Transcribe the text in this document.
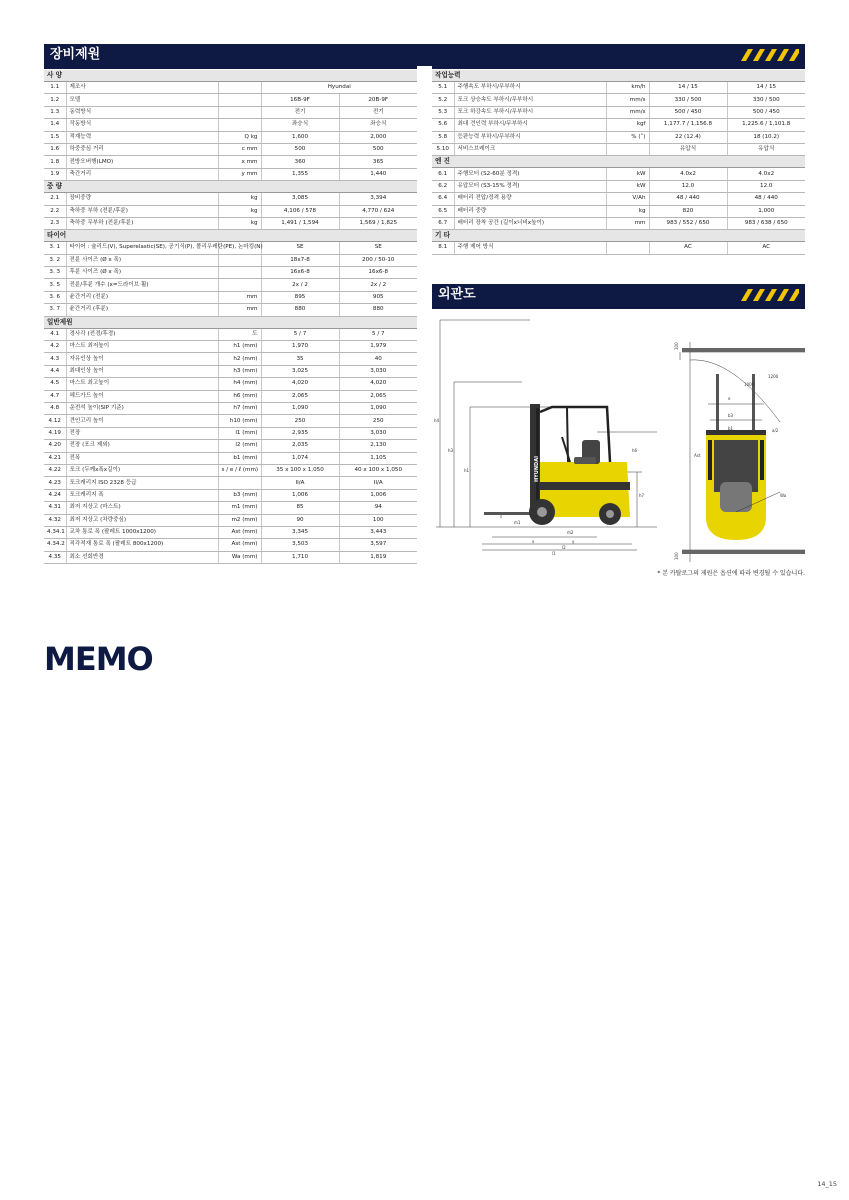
장비제원
사 양				
1.1	제조사		Hyundai	
1.2	모델		16B-9F	20B-9F
1.3	동력방식		전기	전기
1.4	작동방식		좌승식	좌승식
1.5	적재능력	Q kg	1,600	2,000
1.6	하중중심 거리	c mm	500	500
1.8	전방오버행(LMO)	x mm	360	365
1.9	축간거리	y mm	1,355	1,440
중 량				
2.1	장비중량	kg	3,085	3,394
2.2	축하중 부하 (전륜/후륜)	kg	4,106 / 578	4,770 / 624
2.3	축하중 무부하 (전륜/후륜)	kg	1,491 / 1,594	1,569 / 1,825
타이어				
3. 1	타이어 : 슐리드(V), Superelastic(SE), 공기식(P), 폴리우레탄(PE), 논마킹(N)		SE	SE
3. 2	전륜 사이즈 (Ø x 폭)		18x7-8	200 / 50-10
3. 3	후륜 사이즈 (Ø x 폭)		16x6-8	16x6-8
3. 5	전륜/후륜 개수 (x=드라이브 휠)		2x / 2	2x / 2
3. 6	윤간거리 (전륜)	mm	895	905
3. 7	윤간거리 (후륜)	mm	880	880
일반제원				
4.1	경사각 (전경/후경)	도	5 / 7	5 / 7
4.2	마스트 최저높이	h1 (mm)	1,970	1,979
4.3	자유인상 높이	h2 (mm)	35	40
4.4	최대인상 높이	h3 (mm)	3,025	3,030
4.5	마스트 최고높이	h4 (mm)	4,020	4,020
4.7	헤드가드 높이	h6 (mm)	2,065	2,065
4.8	운전석 높이(SIP 기준)	h7 (mm)	1,090	1,090
4.12	견인고리 높이	h10 (mm)	250	250
4.19	전장	l1 (mm)	2,935	3,030
4.20	전장 (포크 제외)	l2 (mm)	2,035	2,130
4.21	전폭	b1 (mm)	1,074	1,105
4.22	포크 (두께x폭x길이)	s / e / ℓ (mm)	35 x 100 x 1,050	40 x 100 x 1,050
4.23	포크캐리지 ISO 2328 등급		II/A	II/A
4.24	포크캐리지 폭	b3 (mm)	1,006	1,006
4.31	최저 지상고 (마스트)	m1 (mm)	85	94
4.32	최저 지상고 (차량중심)	m2 (mm)	90	100
4.34.1	교차 통로 폭 (팔레트 1000x1200)	Ast (mm)	3,345	3,443
4.34.2	직각적재 통로 폭 (팔레트 800x1200)	Ast (mm)	3,503	3,597
4.35	최소 선회반경	Wa (mm)	1,710	1,819
작업능력				
5.1	주행속도 부하시/무부하시	km/h	14 / 15	14 / 15
5.2	포크 상승속도 부하시/무부하시	mm/s	330 / 500	330 / 500
5.3	포크 하강속도 부하시/무부하시	mm/s	500 / 450	500 / 450
5.6	최대 견인력 부하시/무부하시	kgf	1,177.7 / 1,156.8	1,225.6 / 1,101.8
5.8	등판능력 부하시/무부하시	% (˚)	22 (12.4)	18 (10.2)
5.10	서비스브레이크		유압식	유압식
엔 진				
6.1	주행모터 (S2-60분 정격)	kW	4.0x2	4.0x2
6.2	유압모터 (S3-15% 정격)	kW	12.0	12.0
6.4	배터리 전압/정격 용량	V/Ah	48 / 440	48 / 440
6.5	배터리 중량	kg	820	1,000
6.7	배터리 장착 공간 (길이x너비x높이)	mm	983 / 552 / 650	983 / 638 / 650
기 타				
8.1	주행 제어 방식		AC	AC
외관도
HYUNDAI
h4
h3
h1
h6
h7
m1
m2
s
y
x
l2
l1
e
b3
b1
Wa
Ast
a/2
100
100
1000
1200
* 본 카탈로그의 제원은 옵션에 따라 변경될 수 있습니다.
MEMO
14_15
